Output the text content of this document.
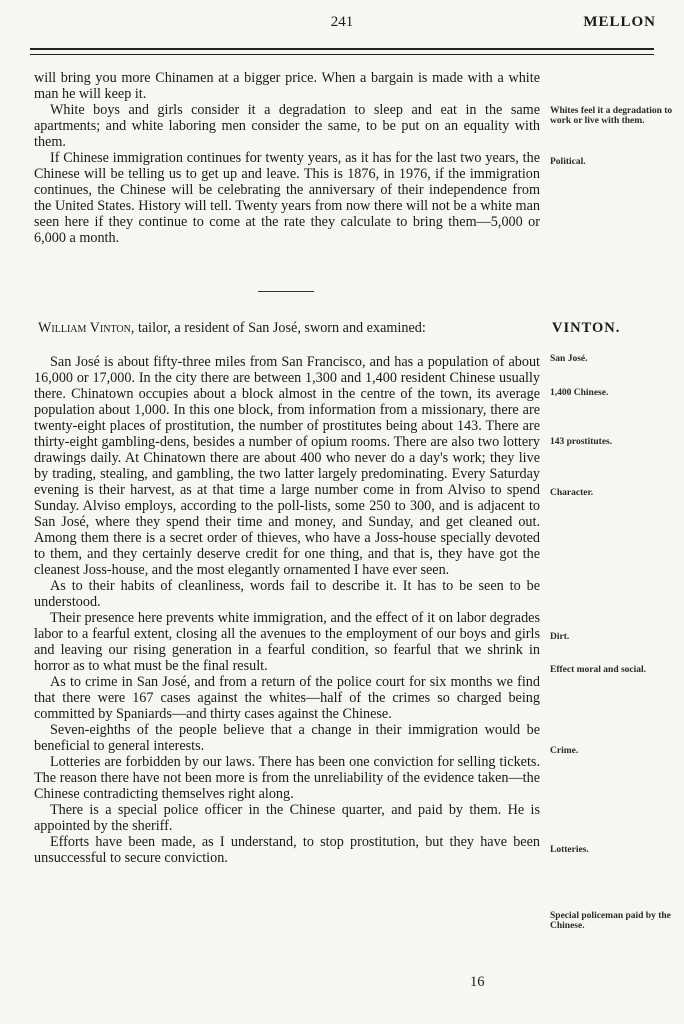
241	MELLON

will bring you more Chinamen at a bigger price. When a bargain is made with a white man he will keep it.

White boys and girls consider it a degradation to sleep and eat in the same apartments; and white laboring men consider the same, to be put on an equality with them.

If Chinese immigration continues for twenty years, as it has for the last two years, the Chinese will be telling us to get up and leave. This is 1876, in 1976, if the immigration continues, the Chinese will be celebrating the anniversary of their independence from the United States. History will tell. Twenty years from now there will not be a white man seen here if they continue to come at the rate they calculate to bring them—5,000 or 6,000 a month.

Whites feel it a degradation to work or live with them.
Political.
William Vinton, tailor, a resident of San José, sworn and examined:	VINTON.

San José is about fifty-three miles from San Francisco, and has a population of about 16,000 or 17,000. In the city there are between 1,300 and 1,400 resident Chinese usually there. Chinatown occupies about a block almost in the centre of the town, its average population about 1,000. In this one block, from information from a missionary, there are twenty-eight places of prostitution, the number of prostitutes being about 143. There are thirty-eight gambling-dens, besides a number of opium rooms. There are also two lottery drawings daily. At Chinatown there are about 400 who never do a day's work; they live by trading, stealing, and gambling, the two latter largely predominating. Every Saturday evening is their harvest, as at that time a large number come in from Alviso to spend Sunday. Alviso employs, according to the poll-lists, some 250 to 300, and is adjacent to San José, where they spend their time and money, and Sunday, and get cleaned out. Among them there is a secret order of thieves, who have a Joss-house specially devoted to them, and they certainly deserve credit for one thing, and that is, they have got the cleanest Joss-house, and the most elegantly ornamented I have ever seen.

As to their habits of cleanliness, words fail to describe it. It has to be seen to be understood.

Their presence here prevents white immigration, and the effect of it on labor degrades labor to a fearful extent, closing all the avenues to the employment of our boys and girls and leaving our rising generation in a fearful condition, so fearful that we shrink in horror as to what must be the final result.

As to crime in San José, and from a return of the police court for six months we find that there were 167 cases against the whites—half of the crimes so charged being committed by Spaniards—and thirty cases against the Chinese.

Seven-eighths of the people believe that a change in their immigration would be beneficial to general interests.

Lotteries are forbidden by our laws. There has been one conviction for selling tickets. The reason there have not been more is from the unreliability of the evidence taken—the Chinese contradicting themselves right along.

There is a special police officer in the Chinese quarter, and paid by them. He is appointed by the sheriff.

Efforts have been made, as I understand, to stop prostitution, but they have been unsuccessful to secure conviction.

San José.
1,400 Chinese.
143 prostitutes.
Character.
Dirt.
Effect moral and social.
Crime.
Lotteries.
Special policeman paid by the Chinese.
16
